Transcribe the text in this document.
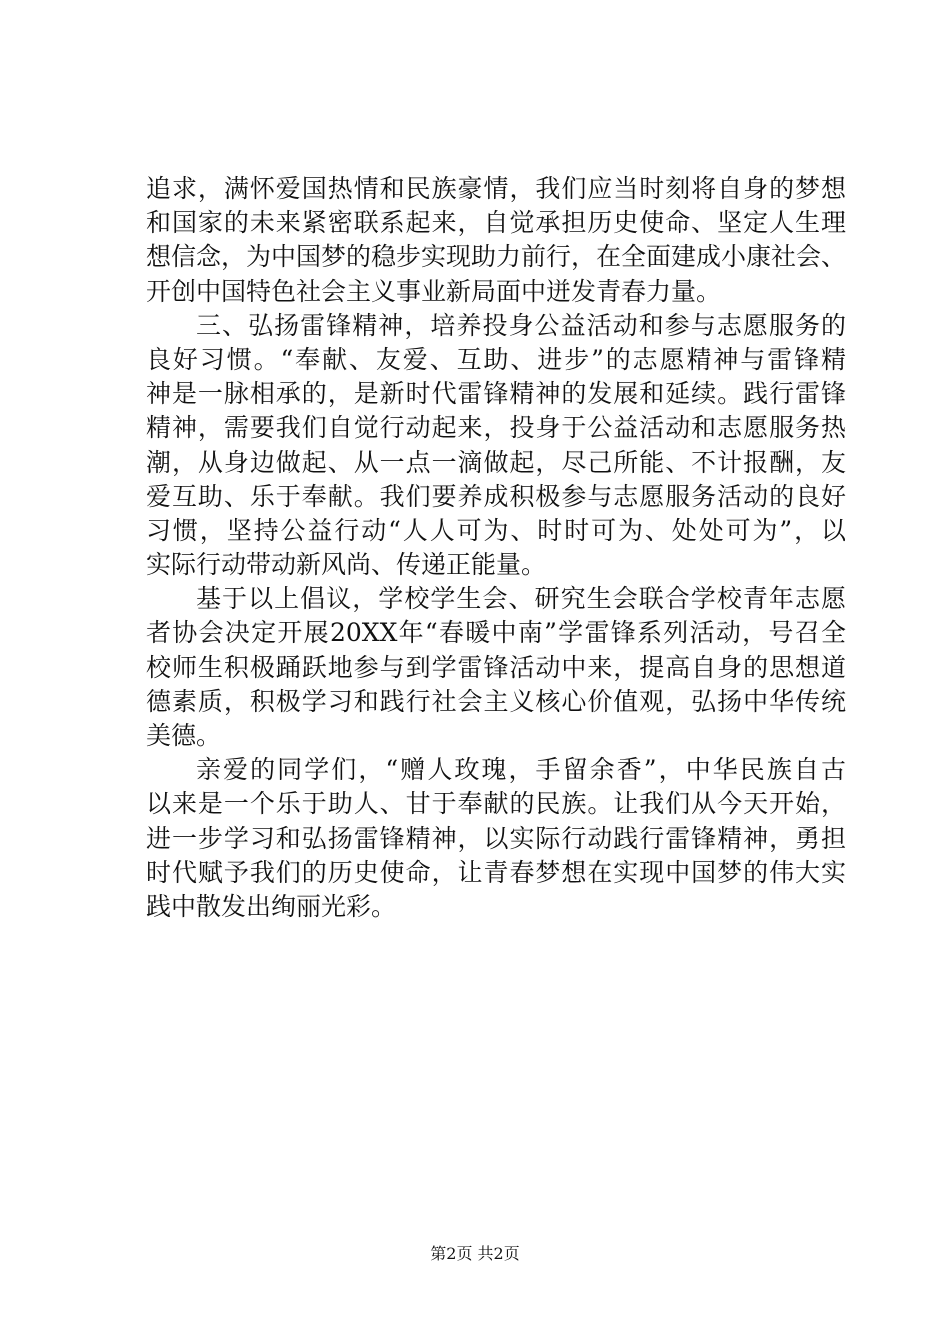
追求，满怀爱国热情和民族豪情，我们应当时刻将自身的梦想
和国家的未来紧密联系起来，自觉承担历史使命、坚定人生理
想信念，为中国梦的稳步实现助力前行，在全面建成小康社会、
开创中国特色社会主义事业新局面中迸发青春力量。
三、弘扬雷锋精神，培养投身公益活动和参与志愿服务的
良好习惯。“奉献、友爱、互助、进步”的志愿精神与雷锋精
神是一脉相承的，是新时代雷锋精神的发展和延续。践行雷锋
精神，需要我们自觉行动起来，投身于公益活动和志愿服务热
潮，从身边做起、从一点一滴做起，尽己所能、不计报酬，友
爱互助、乐于奉献。我们要养成积极参与志愿服务活动的良好
习惯，坚持公益行动“人人可为、时时可为、处处可为”，以
实际行动带动新风尚、传递正能量。
基于以上倡议，学校学生会、研究生会联合学校青年志愿
者协会决定开展20XX年“春暖中南”学雷锋系列活动，号召全
校师生积极踊跃地参与到学雷锋活动中来，提高自身的思想道
德素质，积极学习和践行社会主义核心价值观，弘扬中华传统
美德。
亲爱的同学们，“赠人玫瑰，手留余香”，中华民族自古
以来是一个乐于助人、甘于奉献的民族。让我们从今天开始，
进一步学习和弘扬雷锋精神，以实际行动践行雷锋精神，勇担
时代赋予我们的历史使命，让青春梦想在实现中国梦的伟大实
践中散发出绚丽光彩。
第2页 共2页
